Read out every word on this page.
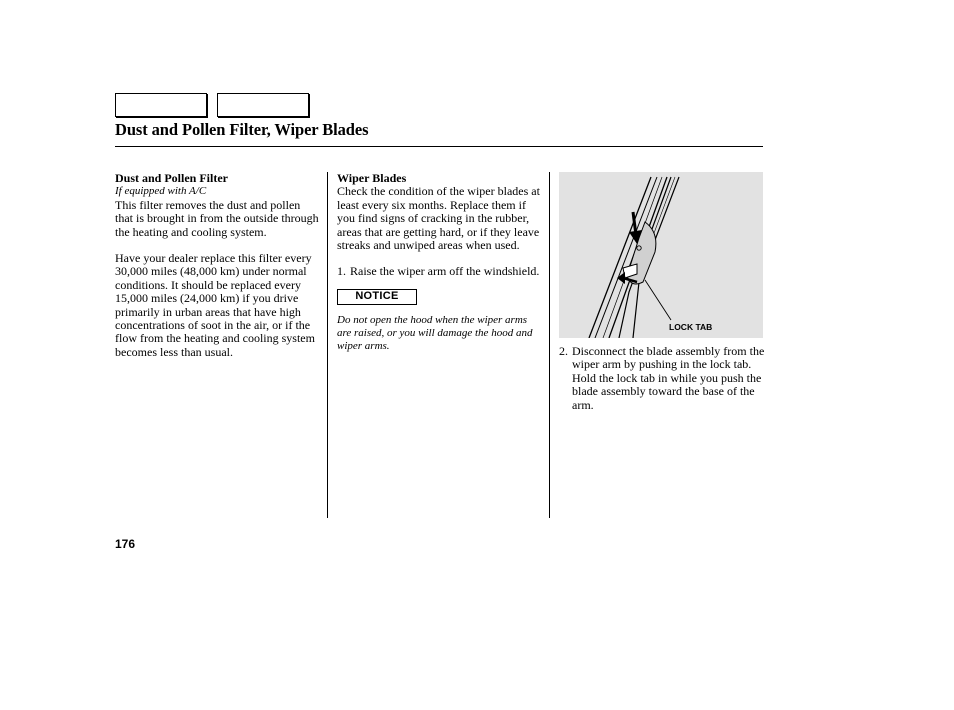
Dust and Pollen Filter, Wiper Blades

Dust and Pollen Filter

If equipped with A/C

This filter removes the dust and pollen that is brought in from the outside through the heating and cooling system.

Have your dealer replace this filter every 30,000 miles (48,000 km) under normal conditions. It should be replaced every 15,000 miles (24,000 km) if you drive primarily in urban areas that have high concentrations of soot in the air, or if the flow from the heating and cooling system becomes less than usual.

Wiper Blades

Check the condition of the wiper blades at least every six months. Replace them if you find signs of cracking in the rubber, areas that are getting hard, or if they leave streaks and unwiped areas when used.

1. Raise the wiper arm off the windshield.
NOTICE

Do not open the hood when the wiper arms are raised, or you will damage the hood and wiper arms.

LOCK TAB
2. Disconnect the blade assembly from the wiper arm by pushing in the lock tab. Hold the lock tab in while you push the blade assembly toward the base of the arm.
176
